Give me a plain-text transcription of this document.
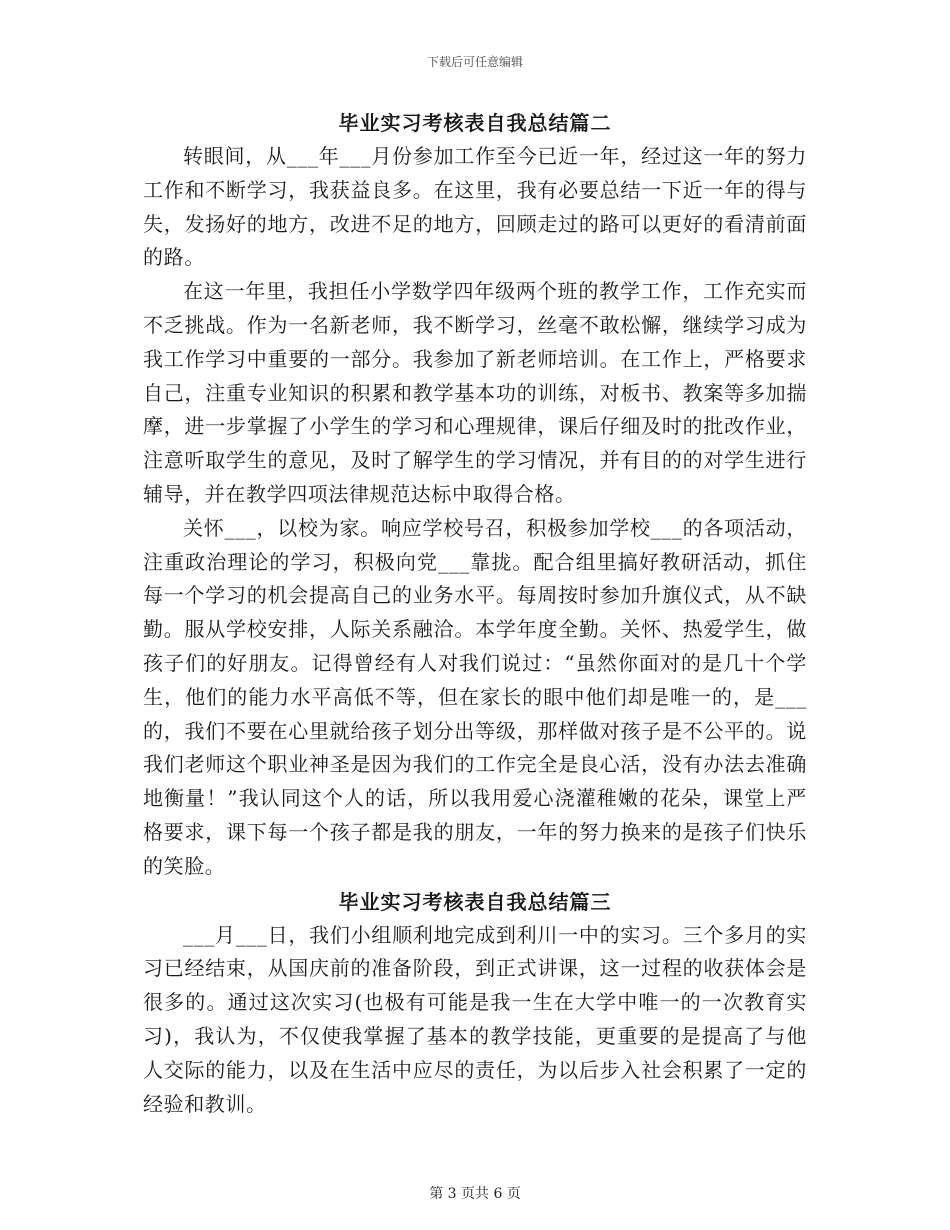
下载后可任意编辑
毕业实习考核表自我总结篇二

转眼间，从___年___月份参加工作至今已近一年，经过这一年的努力工作和不断学习，我获益良多。在这里，我有必要总结一下近一年的得与失，发扬好的地方，改进不足的地方，回顾走过的路可以更好的看清前面的路。

在这一年里，我担任小学数学四年级两个班的教学工作，工作充实而不乏挑战。作为一名新老师，我不断学习，丝毫不敢松懈，继续学习成为我工作学习中重要的一部分。我参加了新老师培训。在工作上，严格要求自己，注重专业知识的积累和教学基本功的训练，对板书、教案等多加揣摩，进一步掌握了小学生的学习和心理规律，课后仔细及时的批改作业，注意听取学生的意见，及时了解学生的学习情况，并有目的的对学生进行辅导，并在教学四项法律规范达标中取得合格。

关怀___，以校为家。响应学校号召，积极参加学校___的各项活动，注重政治理论的学习，积极向党___靠拢。配合组里搞好教研活动，抓住每一个学习的机会提高自己的业务水平。每周按时参加升旗仪式，从不缺勤。服从学校安排，人际关系融洽。本学年度全勤。关怀、热爱学生，做孩子们的好朋友。记得曾经有人对我们说过：“虽然你面对的是几十个学生，他们的能力水平高低不等，但在家长的眼中他们却是唯一的，是___的，我们不要在心里就给孩子划分出等级，那样做对孩子是不公平的。说我们老师这个职业神圣是因为我们的工作完全是良心活，没有办法去准确地衡量！”我认同这个人的话，所以我用爱心浇灌稚嫩的花朵，课堂上严格要求，课下每一个孩子都是我的朋友，一年的努力换来的是孩子们快乐的笑脸。

毕业实习考核表自我总结篇三

___月___日，我们小组顺利地完成到利川一中的实习。三个多月的实习已经结束，从国庆前的准备阶段，到正式讲课，这一过程的收获体会是很多的。通过这次实习(也极有可能是我一生在大学中唯一的一次教育实习)，我认为，不仅使我掌握了基本的教学技能，更重要的是提高了与他人交际的能力，以及在生活中应尽的责任，为以后步入社会积累了一定的经验和教训。

第 3 页共 6 页
